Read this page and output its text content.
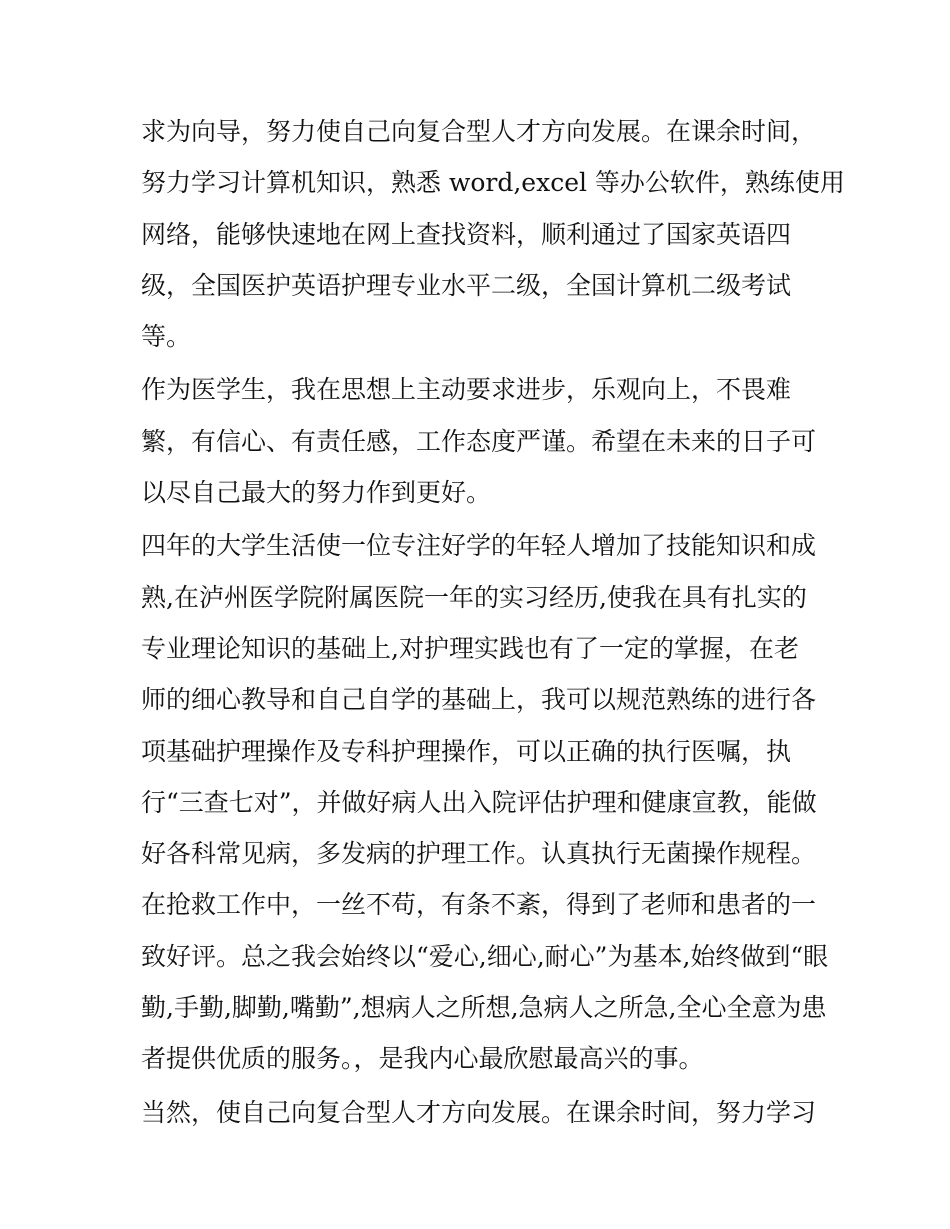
求为向导，努力使自己向复合型人才方向发展。在课余时间，
努力学习计算机知识，熟悉 word,excel 等办公软件，熟练使用
网络，能够快速地在网上查找资料，顺利通过了国家英语四
级，全国医护英语护理专业水平二级，全国计算机二级考试
等。
作为医学生，我在思想上主动要求进步，乐观向上，不畏难
繁，有信心、有责任感，工作态度严谨。希望在未来的日子可
以尽自己最大的努力作到更好。
四年的大学生活使一位专注好学的年轻人增加了技能知识和成
熟,在泸州医学院附属医院一年的实习经历,使我在具有扎实的
专业理论知识的基础上,对护理实践也有了一定的掌握，在老
师的细心教导和自己自学的基础上，我可以规范熟练的进行各
项基础护理操作及专科护理操作，可以正确的执行医嘱，执
行“三查七对”，并做好病人出入院评估护理和健康宣教，能做
好各科常见病，多发病的护理工作。认真执行无菌操作规程。
在抢救工作中，一丝不苟，有条不紊，得到了老师和患者的一
致好评。总之我会始终以“爱心,细心,耐心”为基本,始终做到“眼
勤,手勤,脚勤,嘴勤”,想病人之所想,急病人之所急,全心全意为患
者提供优质的服务。，是我内心最欣慰最高兴的事。
当然，使自己向复合型人才方向发展。在课余时间，努力学习
